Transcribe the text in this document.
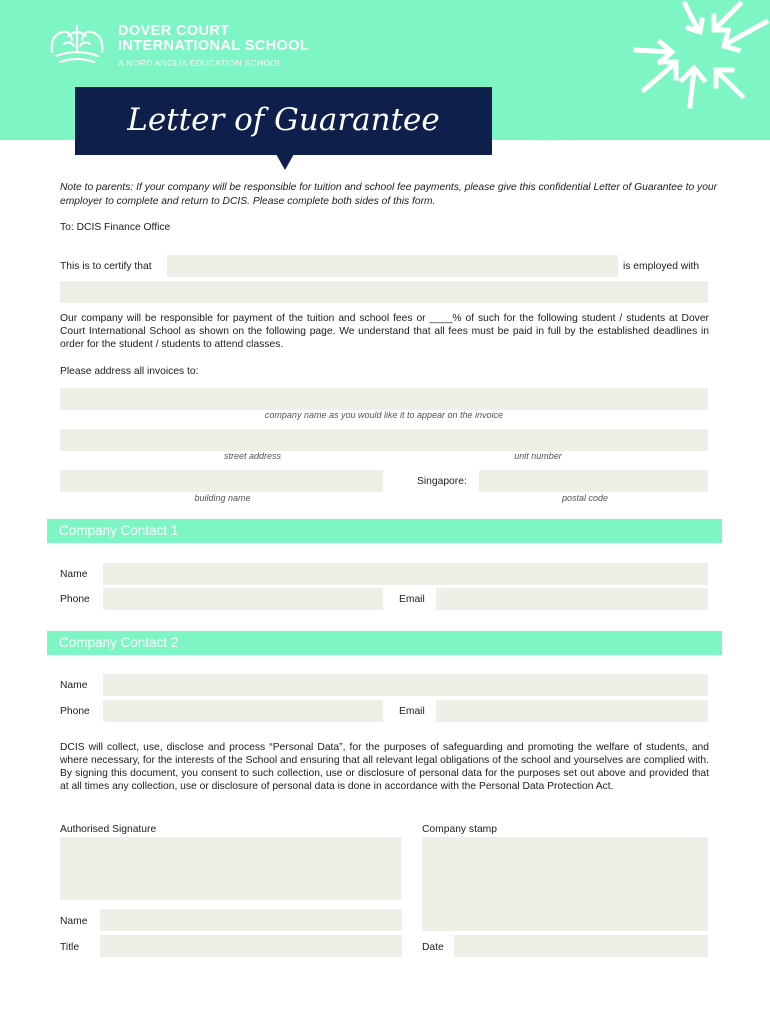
DOVER COURT
INTERNATIONAL SCHOOL
A NORD ANGLIA EDUCATION SCHOOL
Letter of Guarantee
Note to parents: If your company will be responsible for tuition and school fee payments, please give this confidential Letter of Guarantee to your employer to complete and return to DCIS. Please complete both sides of this form.
To: DCIS Finance Office
This is to certify that	is employed with
Our company will be responsible for payment of the tuition and school fees or ____% of such for the following student / students at Dover Court International School as shown on the following page. We understand that all fees must be paid in full by the established deadlines in order for the student / students to attend classes.
Please address all invoices to:
company name as you would like it to appear on the invoice
street address	unit number
Singapore:
building name	postal code
Company Contact 1
Name
Phone	Email
Company Contact 2
Name
Phone	Email
DCIS will collect, use, disclose and process “Personal Data”, for the purposes of safeguarding and promoting the welfare of students, and where necessary, for the interests of the School and ensuring that all relevant legal obligations of the school and yourselves are complied with. By signing this document, you consent to such collection, use or disclosure of personal data for the purposes set out above and provided that at all times any collection, use or disclosure of personal data is done in accordance with the Personal Data Protection Act.
Authorised Signature	Company stamp
Name
Title	Date
